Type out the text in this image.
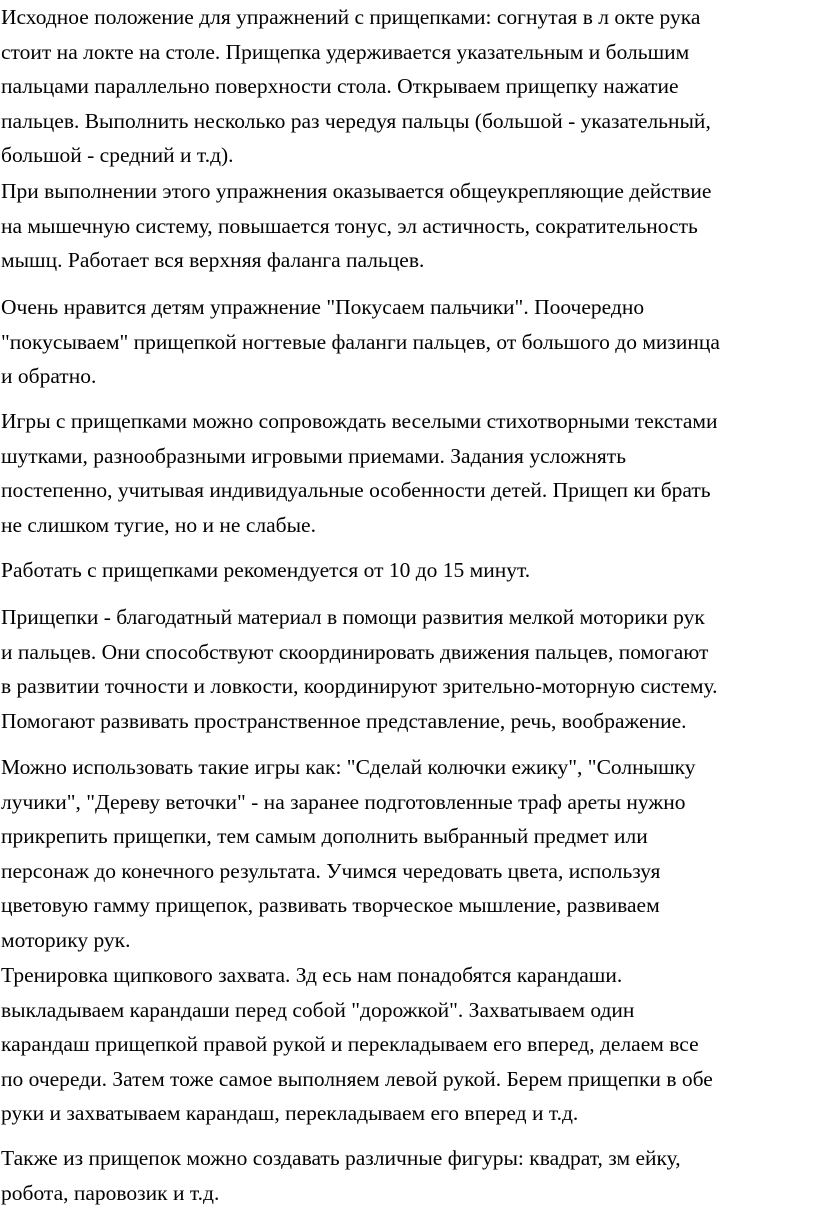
Исходное положение для упражнений с прищепками: согнутая в л окте рука
стоит на локте на столе. Прищепка удерживается указательным и большим
пальцами параллельно поверхности стола. Открываем прищепку нажатие
пальцев. Выполнить несколько раз чередуя пальцы (большой - указательный,
большой - средний и т.д).

При выполнении этого упражнения оказывается общеукрепляющие действие
на мышечную систему, повышается тонус, эл астичность, сократительность
мышц. Работает вся верхняя фаланга пальцев.

Очень нравится детям упражнение "Покусаем пальчики". Поочередно
"покусываем" прищепкой ногтевые фаланги пальцев, от большого до мизинца
и обратно.

Игры с прищепками можно сопровождать веселыми стихотворными текстами
шутками, разнообразными игровыми приемами. Задания усложнять
постепенно, учитывая индивидуальные особенности детей. Прищеп ки брать
не слишком тугие, но и не слабые.

Работать с прищепками рекомендуется от 10 до 15 минут.

Прищепки - благодатный материал в помощи развития мелкой моторики рук
и пальцев. Они способствуют скоординировать движения пальцев, помогают
в развитии точности и ловкости, координируют зрительно-моторную систему.
Помогают развивать пространственное представление, речь, воображение.

Можно использовать такие игры как: "Сделай колючки ежику", "Солнышку
лучики", "Дереву веточки" - на заранее подготовленные траф ареты нужно
прикрепить прищепки, тем самым дополнить выбранный предмет или
персонаж до конечного результата. Учимся чередовать цвета, используя
цветовую гамму прищепок, развивать творческое мышление, развиваем
моторику рук.

Тренировка щипкового захвата. Зд есь нам понадобятся карандаши.
выкладываем карандаши перед собой "дорожкой". Захватываем один
карандаш прищепкой правой рукой и перекладываем его вперед, делаем все
по очереди. Затем тоже самое выполняем левой рукой. Берем прищепки в обе
руки и захватываем карандаш, перекладываем его вперед и т.д.

Также из прищепок можно создавать различные фигуры: квадрат, зм ейку,
робота, паровозик и т.д.
